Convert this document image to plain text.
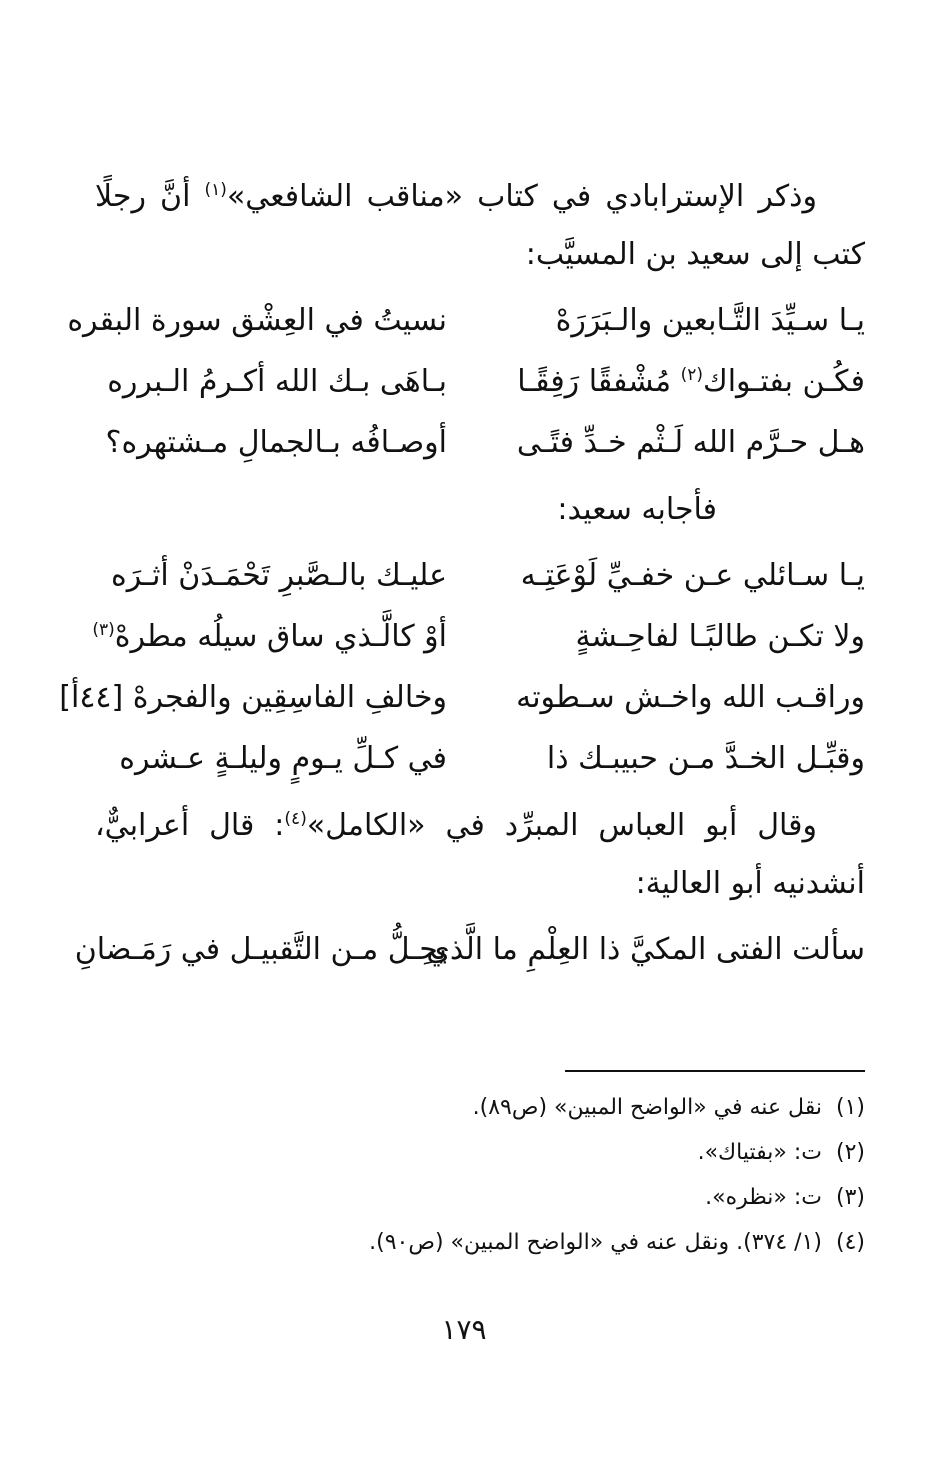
وذكر الإسترابادي في كتاب «مناقب الشافعي»$^{(١)}$ أنَّ رجلًا كتب إلى سعيد بن المسيَّب:

يـا سـيِّدَ التَّـابعين والـبَرَرَهْ
نسيتُ في العِشْق سورة البقره
فكُـن بفتـواك$^{(٢)}$ مُشْفقًا رَفِقًـا
بـاهَى بـك الله أكـرمُ الـبرره
هـل حـرَّم الله لَـثْم خـدِّ فتًـى
أوصـافُه بـالجمالِ مـشتهره؟

فأجابه سعيد:

يـا سـائلي عـن خفـيِّ لَوْعَتِـه
عليـك بالـصَّبرِ تَحْمَـدَنْ أثـرَه
ولا تكـن طالبًـا لفاحِـشةٍ
أوْ كالَّـذي ساق سيلُه مطرهْ$^{(٣)}$
وراقـب الله واخـش سـطوته
وخالفِ الفاسِقِين والفجرهْ [٤٤أ]
وقبِّـل الخـدَّ مـن حبيبـك ذا
في كـلِّ يـومٍ وليلـةٍ عـشره

وقال أبو العباس المبرِّد في «الكامل»$^{(٤)}$: قال أعرابيٌّ، أنشدنيه أبو العالية:

سألت الفتى المكيَّ ذا العِلْمِ ما الَّذي
يحِـلُّ مـن التَّقبيـل في رَمَـضانِ
(١)
نقل عنه في «الواضح المبين» (ص٨٩).
(٢)
ت: «بفتياك».
(٣)
ت: «نظره».
(٤)
(١/ ٣٧٤). ونقل عنه في «الواضح المبين» (ص٩٠).
١٧٩
